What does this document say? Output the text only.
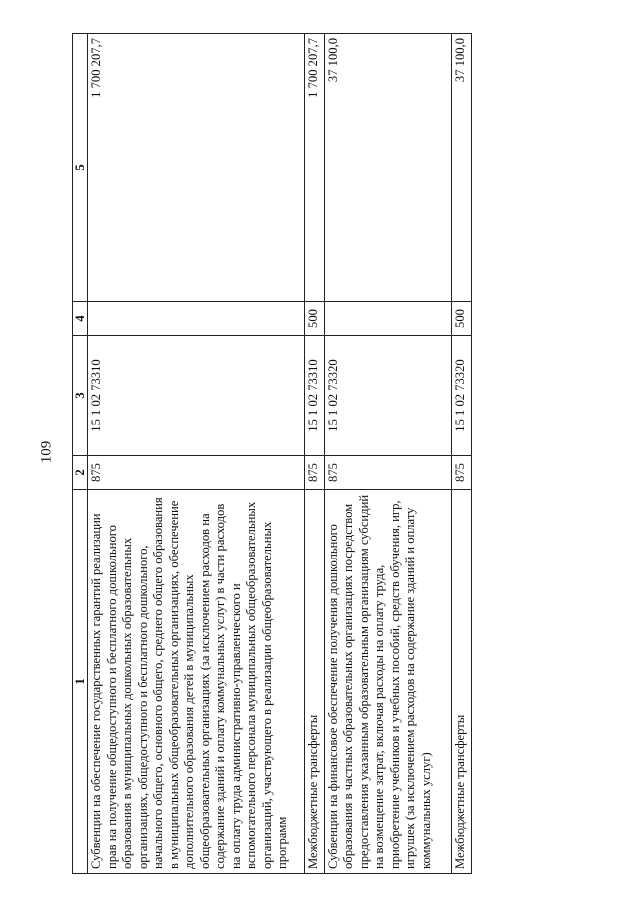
109
1	2	3	4	5
Субвенции на обеспечение государственных гарантий реализации прав на получение общедоступного и бесплатного дошкольного образования в муниципальных дошкольных образовательных организациях, общедоступного и бесплатного дошкольного, начального общего, основного общего, среднего общего образования в муниципальных общеобразовательных организациях, обеспечение дополнительного образования детей в муниципальных общеобразовательных организациях (за исключением расходов на содержание зданий и оплату коммунальных услуг) в части расходов на оплату труда административно-управленческого и вспомогательного персонала муниципальных общеобразовательных организаций, участвующего в реализации общеобразовательных программ	875	15 1 02 73310		1 700 207,7
Межбюджетные трансферты	875	15 1 02 73310	500	1 700 207,7
Субвенции на финансовое обеспечение получения дошкольного образования в частных образовательных организациях посредством предоставления указанным образовательным организациям субсидий на возмещение затрат, включая расходы на оплату труда, приобретение учебников и учебных пособий, средств обучения, игр, игрушек (за исключением расходов на содержание зданий и оплату коммунальных услуг)	875	15 1 02 73320		37 100,0
Межбюджетные трансферты	875	15 1 02 73320	500	37 100,0
